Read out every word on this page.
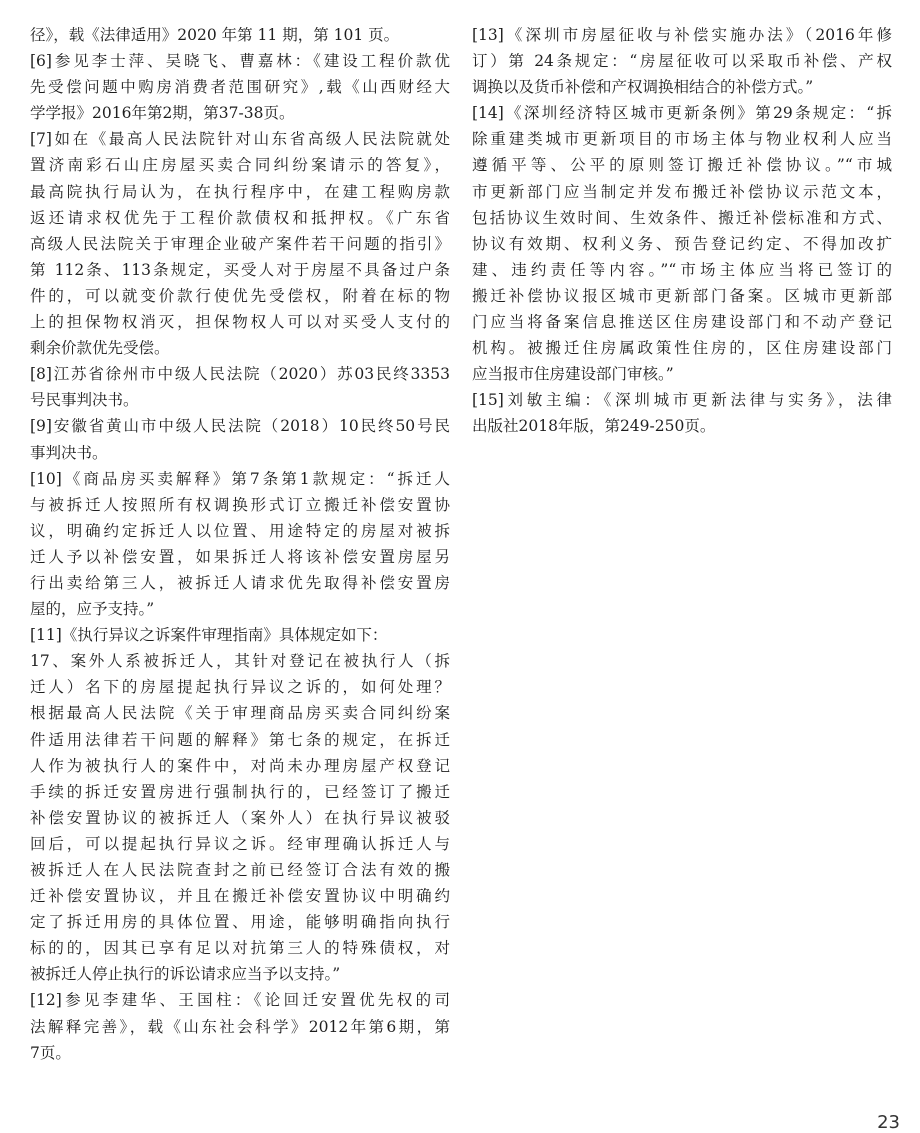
径》，载《法律适用》2020 年第 11 期，第 101 页。
[6]参见李士萍、吴晓飞、曹嘉林：《建设工程价款优
先受偿问题中购房消费者范围研究》,载《山西财经大
学学报》2016年第2期，第37-38页。
[7]如在《最高人民法院针对山东省高级人民法院就处
置济南彩石山庄房屋买卖合同纠纷案请示的答复》，
最高院执行局认为，在执行程序中，在建工程购房款
返还请求权优先于工程价款债权和抵押权。《广东省
高级人民法院关于审理企业破产案件若干问题的指引》
第 112条、113条规定，买受人对于房屋不具备过户条
件的，可以就变价款行使优先受偿权，附着在标的物
上的担保物权消灭，担保物权人可以对买受人支付的
剩余价款优先受偿。
[8]江苏省徐州市中级人民法院（2020）苏03民终3353
号民事判决书。
[9]安徽省黄山市中级人民法院（2018）10民终50号民
事判决书。
[10]《商品房买卖解释》第7条第1款规定：“拆迁人
与被拆迁人按照所有权调换形式订立搬迁补偿安置协
议，明确约定拆迁人以位置、用途特定的房屋对被拆
迁人予以补偿安置，如果拆迁人将该补偿安置房屋另
行出卖给第三人，被拆迁人请求优先取得补偿安置房
屋的，应予支持。”
[11]《执行异议之诉案件审理指南》具体规定如下：
17、案外人系被拆迁人，其针对登记在被执行人（拆
迁人）名下的房屋提起执行异议之诉的，如何处理？
根据最高人民法院《关于审理商品房买卖合同纠纷案
件适用法律若干问题的解释》第七条的规定，在拆迁
人作为被执行人的案件中，对尚未办理房屋产权登记
手续的拆迁安置房进行强制执行的，已经签订了搬迁
补偿安置协议的被拆迁人（案外人）在执行异议被驳
回后，可以提起执行异议之诉。经审理确认拆迁人与
被拆迁人在人民法院查封之前已经签订合法有效的搬
迁补偿安置协议，并且在搬迁补偿安置协议中明确约
定了拆迁用房的具体位置、用途，能够明确指向执行
标的的，因其已享有足以对抗第三人的特殊债权，对
被拆迁人停止执行的诉讼请求应当予以支持。”
[12]参见李建华、王国柱：《论回迁安置优先权的司
法解释完善》，载《山东社会科学》2012年第6期，第
7页。
[13]《深圳市房屋征收与补偿实施办法》（2016年修
订）第 24条规定：“房屋征收可以采取币补偿、产权
调换以及货币补偿和产权调换相结合的补偿方式。”
[14]《深圳经济特区城市更新条例》第29条规定：“拆
除重建类城市更新项目的市场主体与物业权利人应当
遵循平等、公平的原则签订搬迁补偿协议。”“市城
市更新部门应当制定并发布搬迁补偿协议示范文本，
包括协议生效时间、生效条件、搬迁补偿标准和方式、
协议有效期、权利义务、预告登记约定、不得加改扩
建、违约责任等内容。”“市场主体应当将已签订的
搬迁补偿协议报区城市更新部门备案。区城市更新部
门应当将备案信息推送区住房建设部门和不动产登记
机构。被搬迁住房属政策性住房的，区住房建设部门
应当报市住房建设部门审核。”
[15]刘敏主编：《深圳城市更新法律与实务》，法律
出版社2018年版，第249-250页。
23
